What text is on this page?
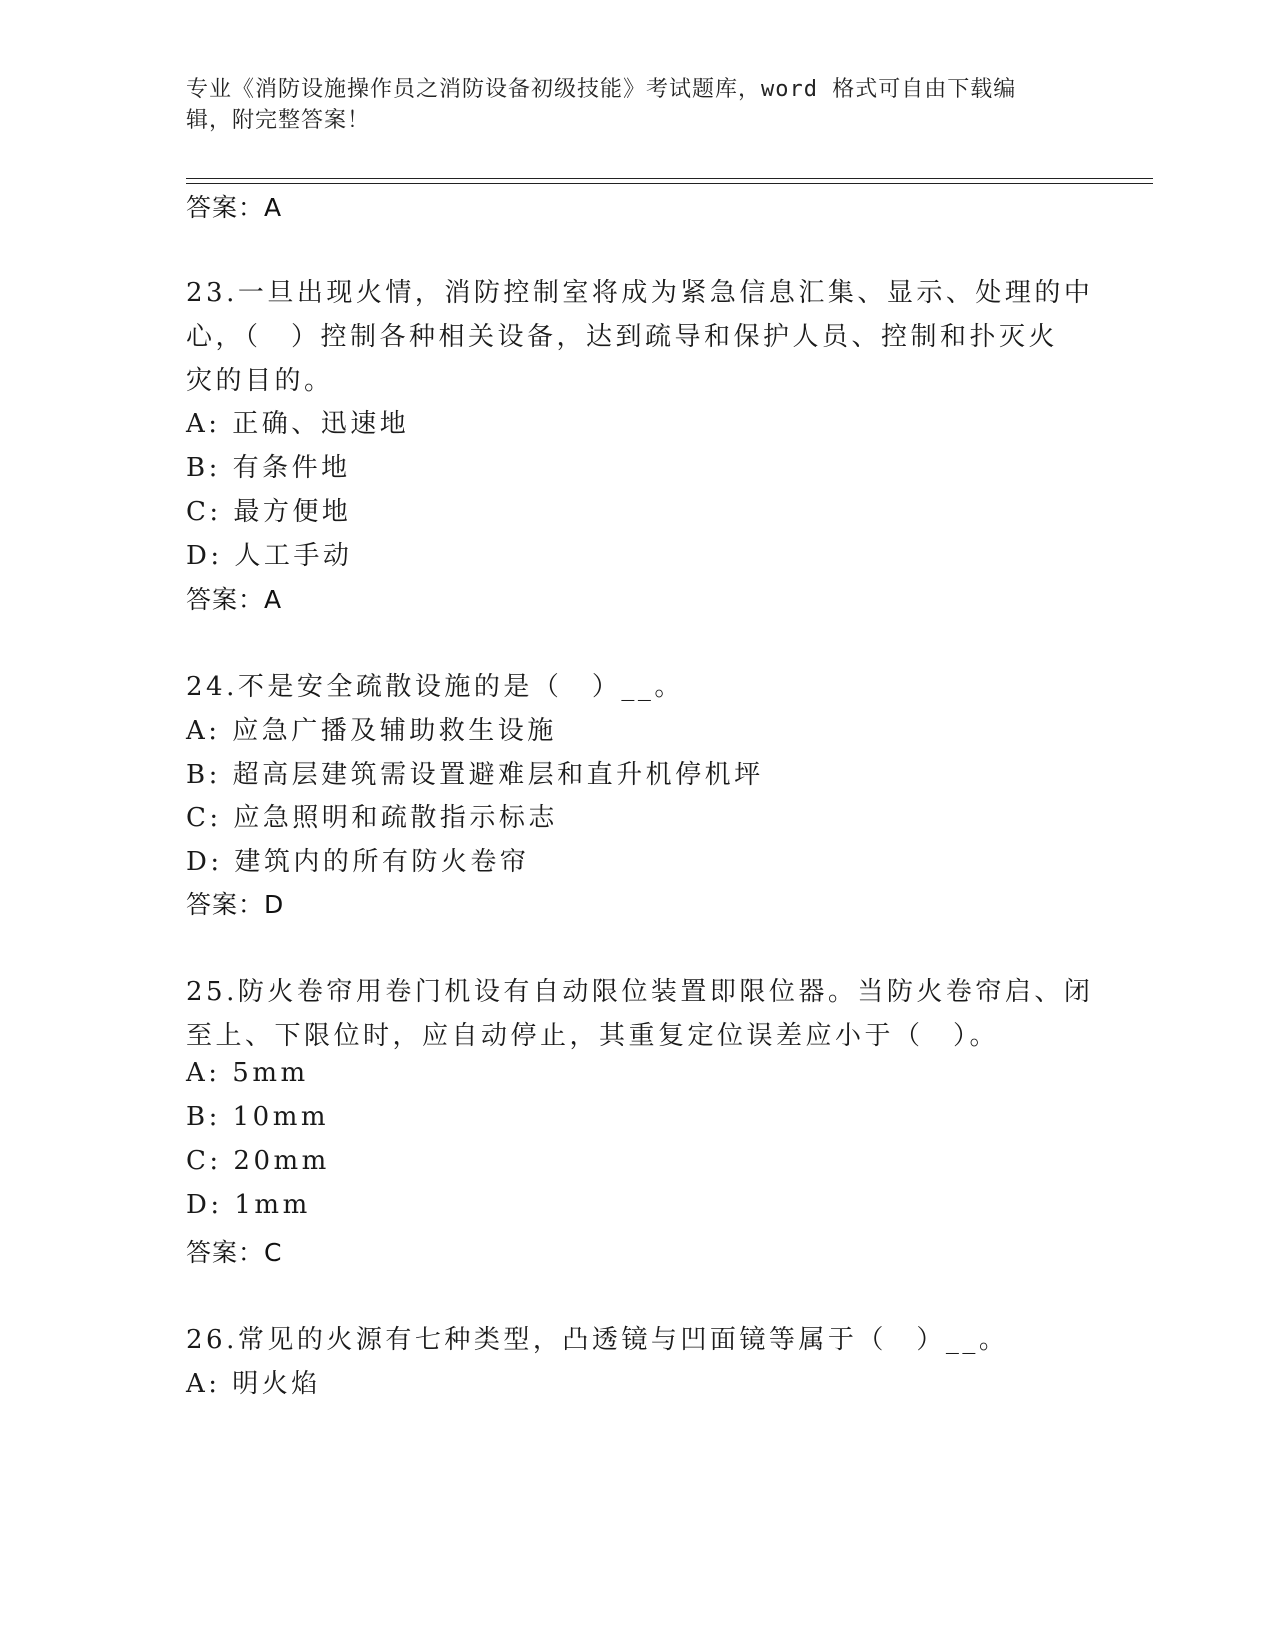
专业《消防设施操作员之消防设备初级技能》考试题库，word 格式可自由下载编
辑，附完整答案！
答案：A
23.一旦出现火情，消防控制室将成为紧急信息汇集、显示、处理的中
心，（　）控制各种相关设备，达到疏导和保护人员、控制和扑灭火
灾的目的。
A: 正确、迅速地
B: 有条件地
C: 最方便地
D: 人工手动
答案：A
24.不是安全疏散设施的是（　）__。
A: 应急广播及辅助救生设施
B: 超高层建筑需设置避难层和直升机停机坪
C: 应急照明和疏散指示标志
D: 建筑内的所有防火卷帘
答案：D
25.防火卷帘用卷门机设有自动限位装置即限位器。当防火卷帘启、闭
至上、下限位时，应自动停止，其重复定位误差应小于（　）。
A: 5mm
B: 10mm
C: 20mm
D: 1mm
答案：C
26.常见的火源有七种类型，凸透镜与凹面镜等属于（　）__。
A: 明火焰
